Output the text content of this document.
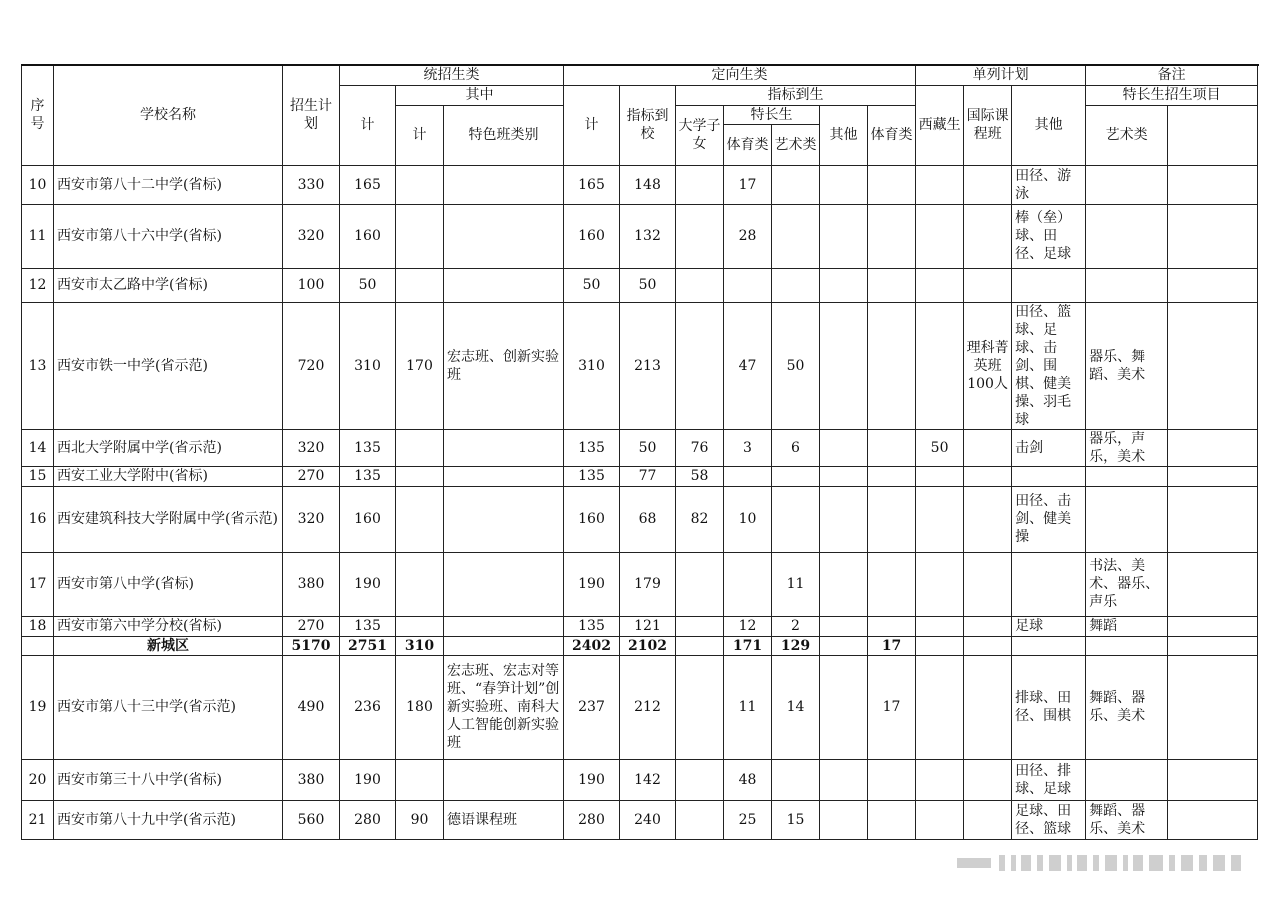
序号	学校名称	招生计划	统招生类			定向生类							单列计划			备注		
			计	其中		计	指标到校	指标到生					西藏生	国际课程班	其他	特长生招生项目	
				计	特色班类别			大学子女	特长生		其他	体育类				艺术类		
									体育类	艺术类								
10	西安市第八十二中学(省标)	330	165			165	148		17						田径、游泳			
11	西安市第八十六中学(省标)	320	160			160	132		28						棒（垒）球、田径、足球			
12	西安市太乙路中学(省标)	100	50			50	50											
13	西安市铁一中学(省示范)	720	310	170	宏志班、创新实验班	310	213		47	50				理科菁英班100人	田径、篮球、足球、击剑、围棋、健美操、羽毛球	器乐、舞蹈、美术		
14	西北大学附属中学(省示范)	320	135			135	50	76	3	6			50		击剑	器乐，声乐，美术		
15	西安工业大学附中(省标)	270	135			135	77	58										
16	西安建筑科技大学附属中学(省示范)	320	160			160	68	82	10						田径、击剑、健美操			
17	西安市第八中学(省标)	380	190			190	179			11						书法、美术、器乐、声乐		
18	西安市第六中学分校(省标)	270	135			135	121		12	2					足球	舞蹈		
	新城区	5170	2751	310		2402	2102		171	129		17						
19	西安市第八十三中学(省示范)	490	236	180	宏志班、宏志对等班、“春笋计划”创新实验班、南科大人工智能创新实验班	237	212		11	14		17			排球、田径、围棋	舞蹈、器乐、美术		
20	西安市第三十八中学(省标)	380	190			190	142		48						田径、排球、足球			
21	西安市第八十九中学(省示范)	560	280	90	德语课程班	280	240		25	15					足球、田径、篮球	舞蹈、器乐、美术		
